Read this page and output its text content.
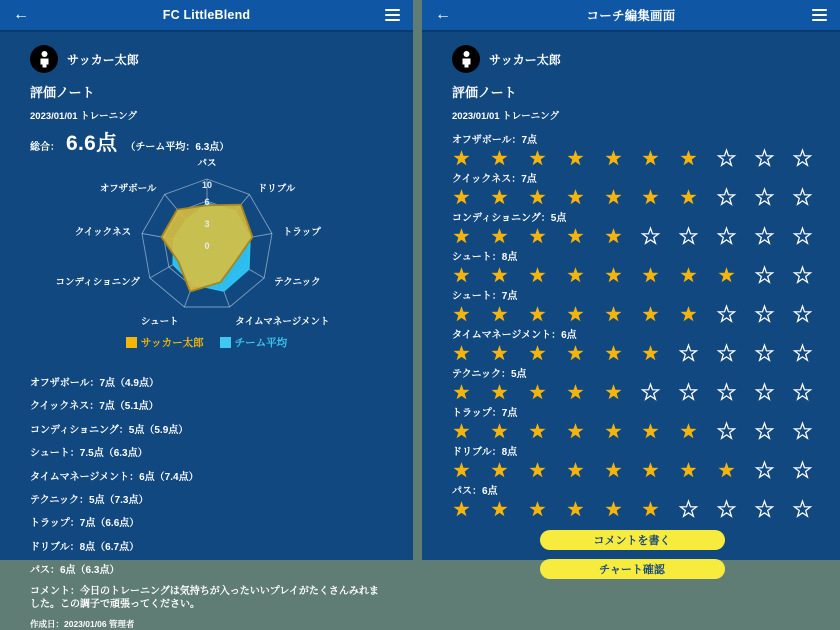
←	FC LittleBlend
サッカー太郎
評価ノート
2023/01/01 トレーニング
総合： 6.6点 （チーム平均：6.3点）
0
3
6
10
パス
ドリブル
トラップ
テクニック
タイムマネージメント
シュート
コンディショニング
クイックネス
オフザボール
サッカー太郎	チーム平均
オフザボール：7点（4.9点）
クイックネス：7点（5.1点）
コンディショニング：5点（5.9点）
シュート：7.5点（6.3点）
タイムマネージメント：6点（7.4点）
テクニック：5点（7.3点）
トラップ：7点（6.6点）
ドリブル：8点（6.7点）
パス：6点（6.3点）
コメント：今日のトレーニングは気持ちが入ったいいプレイがたくさんみれました。この調子で頑張ってください。
作成日：2023/01/06 管理者
←	コーチ編集画面
サッカー太郎
評価ノート
2023/01/01 トレーニング
オフザボール：7点
クイックネス：7点
コンディショニング：5点
シュート：8点
シュート：7点
タイムマネージメント：6点
テクニック：5点
トラップ：7点
ドリブル：8点
パス：6点
コメントを書く
チャート確認
